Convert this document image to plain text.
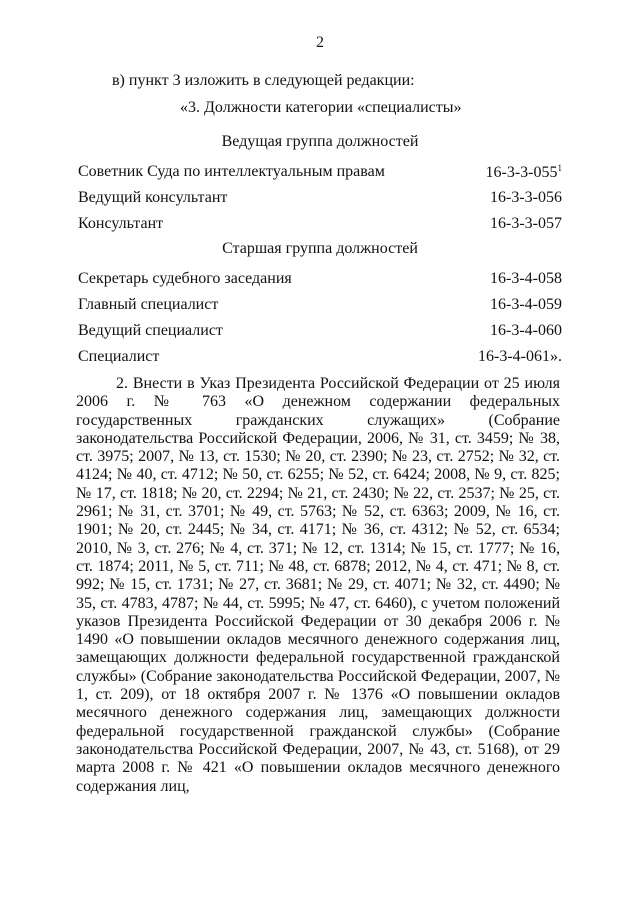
2
в) пункт 3 изложить в следующей редакции:
«3. Должности категории «специалисты»
Ведущая группа должностей
Советник Суда по интеллектуальным правам	$16-3-3-055^1$
Ведущий консультант	16-3-3-056
Консультант	16-3-3-057
Старшая группа должностей
Секретарь судебного заседания	16-3-4-058
Главный специалист	16-3-4-059
Ведущий специалист	16-3-4-060
Специалист	16-3-4-061».
2. Внести в Указ Президента Российской Федерации от 25 июля 2006 г. № 763 «О денежном содержании федеральных государственных гражданских служащих» (Собрание законодательства Российской Федерации, 2006, № 31, ст. 3459; № 38, ст. 3975; 2007, № 13, ст. 1530; № 20, ст. 2390; № 23, ст. 2752; № 32, ст. 4124; № 40, ст. 4712; № 50, ст. 6255; № 52, ст. 6424; 2008, № 9, ст. 825; № 17, ст. 1818; № 20, ст. 2294; № 21, ст. 2430; № 22, ст. 2537; № 25, ст. 2961; № 31, ст. 3701; № 49, ст. 5763; № 52, ст. 6363; 2009, № 16, ст. 1901; № 20, ст. 2445; № 34, ст. 4171; № 36, ст. 4312; № 52, ст. 6534; 2010, № 3, ст. 276; № 4, ст. 371; № 12, ст. 1314; № 15, ст. 1777; № 16, ст. 1874; 2011, № 5, ст. 711; № 48, ст. 6878; 2012, № 4, ст. 471; № 8, ст. 992; № 15, ст. 1731; № 27, ст. 3681; № 29, ст. 4071; № 32, ст. 4490; № 35, ст. 4783, 4787; № 44, ст. 5995; № 47, ст. 6460), с учетом положений указов Президента Российской Федерации от 30 декабря 2006 г. № 1490 «О повышении окладов месячного денежного содержания лиц, замещающих должности федеральной государственной гражданской службы» (Собрание законодательства Российской Федерации, 2007, № 1, ст. 209), от 18 октября 2007 г. № 1376 «О повышении окладов месячного денежного содержания лиц, замещающих должности федеральной государственной гражданской службы» (Собрание законодательства Российской Федерации, 2007, № 43, ст. 5168), от 29 марта 2008 г. № 421 «О повышении окладов месячного денежного содержания лиц,
